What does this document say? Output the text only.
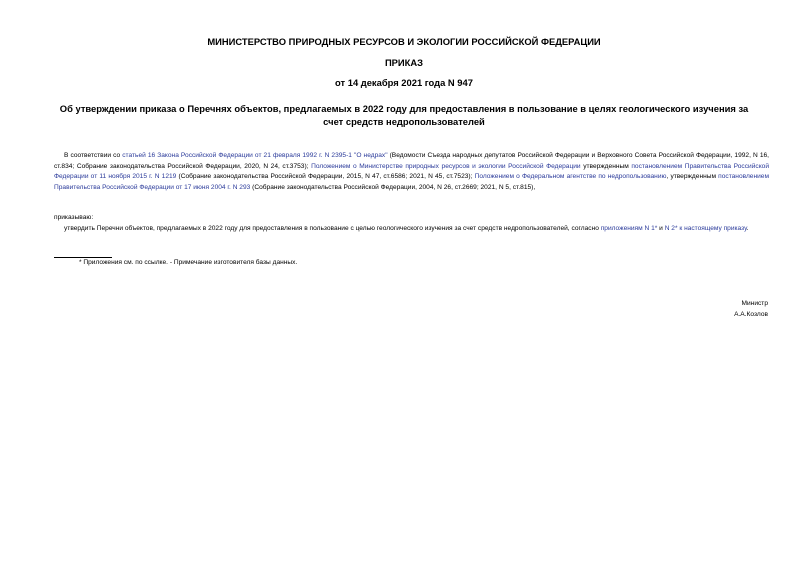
МИНИСТЕРСТВО ПРИРОДНЫХ РЕСУРСОВ И ЭКОЛОГИИ РОССИЙСКОЙ ФЕДЕРАЦИИ
ПРИКАЗ
от 14 декабря 2021 года N 947
Об утверждении приказа о Перечнях объектов, предлагаемых в 2022 году для предоставления в пользование в целях геологического изучения за счет средств недропользователей

В соответствии со статьей 16 Закона Российской Федерации от 21 февраля 1992 г. N 2395-1 "О недрах" (Ведомости Съезда народных депутатов Российской Федерации и Верховного Совета Российской Федерации, 1992, N 16, ст.834; Собрание законодательства Российской Федерации, 2020, N 24, ст.3753); Положением о Министерстве природных ресурсов и экологии Российской Федерации утвержденным постановлением Правительства Российской Федерации от 11 ноября 2015 г. N 1219 (Собрание законодательства Российской Федерации, 2015, N 47, ст.6586; 2021, N 45, ст.7523); Положением о Федеральном агентстве по недропользованию, утвержденным постановлением Правительства Российской Федерации от 17 июня 2004 г. N 293 (Собрание законодательства Российской Федерации, 2004, N 26, ст.2669; 2021, N 5, ст.815),

приказываю:

утвердить Перечни объектов, предлагаемых в 2022 году для предоставления в пользование с целью геологического изучения за счет средств недропользователей, согласно приложениям N 1* и N 2* к настоящему приказу.

* Приложения см. по ссылке. - Примечание изготовителя базы данных.

Министр
А.А.Козлов
